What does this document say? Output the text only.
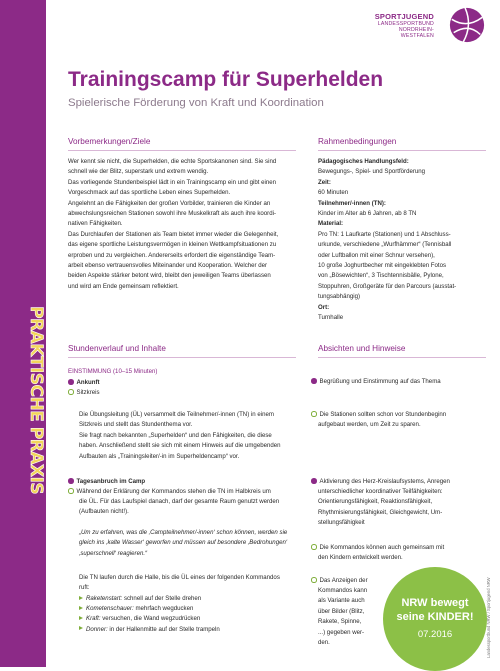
PRAKTISCHE PRAXIS
SPORTJUGEND
LANDESSPORTBUND
NORDRHEIN-WESTFALEN
Trainingscamp für Superhelden
Spielerische Förderung von Kraft und Koordination
Vorbemerkungen/Ziele

Wer kennt sie nicht, die Superhelden, die echte Sportskanonen sind. Sie sind

schnell wie der Blitz, superstark und extrem wendig.

Das vorliegende Stundenbeispiel lädt in ein Trainingscamp ein und gibt einen

Vorgeschmack auf das sportliche Leben eines Superhelden.

Angelehnt an die Fähigkeiten der großen Vorbilder, trainieren die Kinder an

abwechslungsreichen Stationen sowohl ihre Muskelkraft als auch ihre koordi-

nativen Fähigkeiten.

Das Durchlaufen der Stationen als Team bietet immer wieder die Gelegenheit,

das eigene sportliche Leistungsvermögen in kleinen Wettkampfsituationen zu

erproben und zu vergleichen. Andererseits erfordert die eigenständige Team-

arbeit ebenso vertrauensvolles Miteinander und Kooperation. Welcher der

beiden Aspekte stärker betont wird, bleibt den jeweiligen Teams überlassen

und wird am Ende gemeinsam reflektiert.

Rahmenbedingungen

Pädagogisches Handlungsfeld:

Bewegungs-, Spiel- und Sportförderung

Zeit:

60 Minuten

Teilnehmer/-innen (TN):

Kinder im Alter ab 6 Jahren, ab 8 TN

Material:

Pro TN: 1 Laufkarte (Stationen) und 1 Abschluss-

urkunde, verschiedene „Wurfhämmer“ (Tennisball

oder Luftballon mit einer Schnur versehen),

10 große Joghurtbecher mit eingeklebten Fotos

von „Bösewichten“, 3 Tischtennisbälle, Pylone,

Stoppuhren, Großgeräte für den Parcours (ausstat-

tungsabhängig)

Ort:

Turnhalle

Stundenverlauf und Inhalte
EINSTIMMUNG (10–15 Minuten)
Ankunft
Sitzkreis

Die Übungsleitung (ÜL) versammelt die Teilnehmer/-innen (TN) in einem

Sitzkreis und stellt das Stundenthema vor.

Sie fragt nach bekannten „Superhelden“ und den Fähigkeiten, die diese

haben. Anschließend stellt sie sich mit einem Hinweis auf die umgebenden

Aufbauten als „Trainingsleiter/-in im Superheldencamp“ vor.

Tagesanbruch im Camp
Während der Erklärung der Kommandos stehen die TN im Halbkreis um

die ÜL. Für das Laufspiel danach, darf der gesamte Raum genutzt werden

(Aufbauten nicht!).

„Um zu erfahren, was die ‚Campteilnehmer/-innen‘ schon können, werden sie

gleich ins ‚kalte Wasser‘ geworfen und müssen auf besondere ‚Bedrohungen‘

‚superschnell‘ reagieren.“

Die TN laufen durch die Halle, bis die ÜL eines der folgenden Kommandos

ruft:

Raketenstart: schnell auf der Stelle drehen

Kometenschauer: mehrfach wegducken

Kraft: versuchen, die Wand wegzudrücken

Donner: in der Hallenmitte auf der Stelle trampeln

Absichten und Hinweise
Begrüßung und Einstimmung auf das Thema
Die Stationen sollten schon vor Stundenbeginn

aufgebaut werden, um Zeit zu sparen.

Aktivierung des Herz-Kreislaufsystems, Anregen

unterschiedlicher koordinativer Teilfähigkeiten:

Orientierungsfähigkeit, Reaktionsfähigkeit,

Rhythmisierungsfähigkeit, Gleichgewicht, Um-

stellungsfähigkeit

Die Kommandos können auch gemeinsam mit

den Kindern entwickelt werden.

Das Anzeigen der

Kommandos kann

als Variante auch

über Bilder (Blitz,

Rakete, Spinne,

...) gegeben wer-

den.

NRW bewegt
seine KINDER!
07.2016	Landessportbund NRW / Sportjugend NRW
